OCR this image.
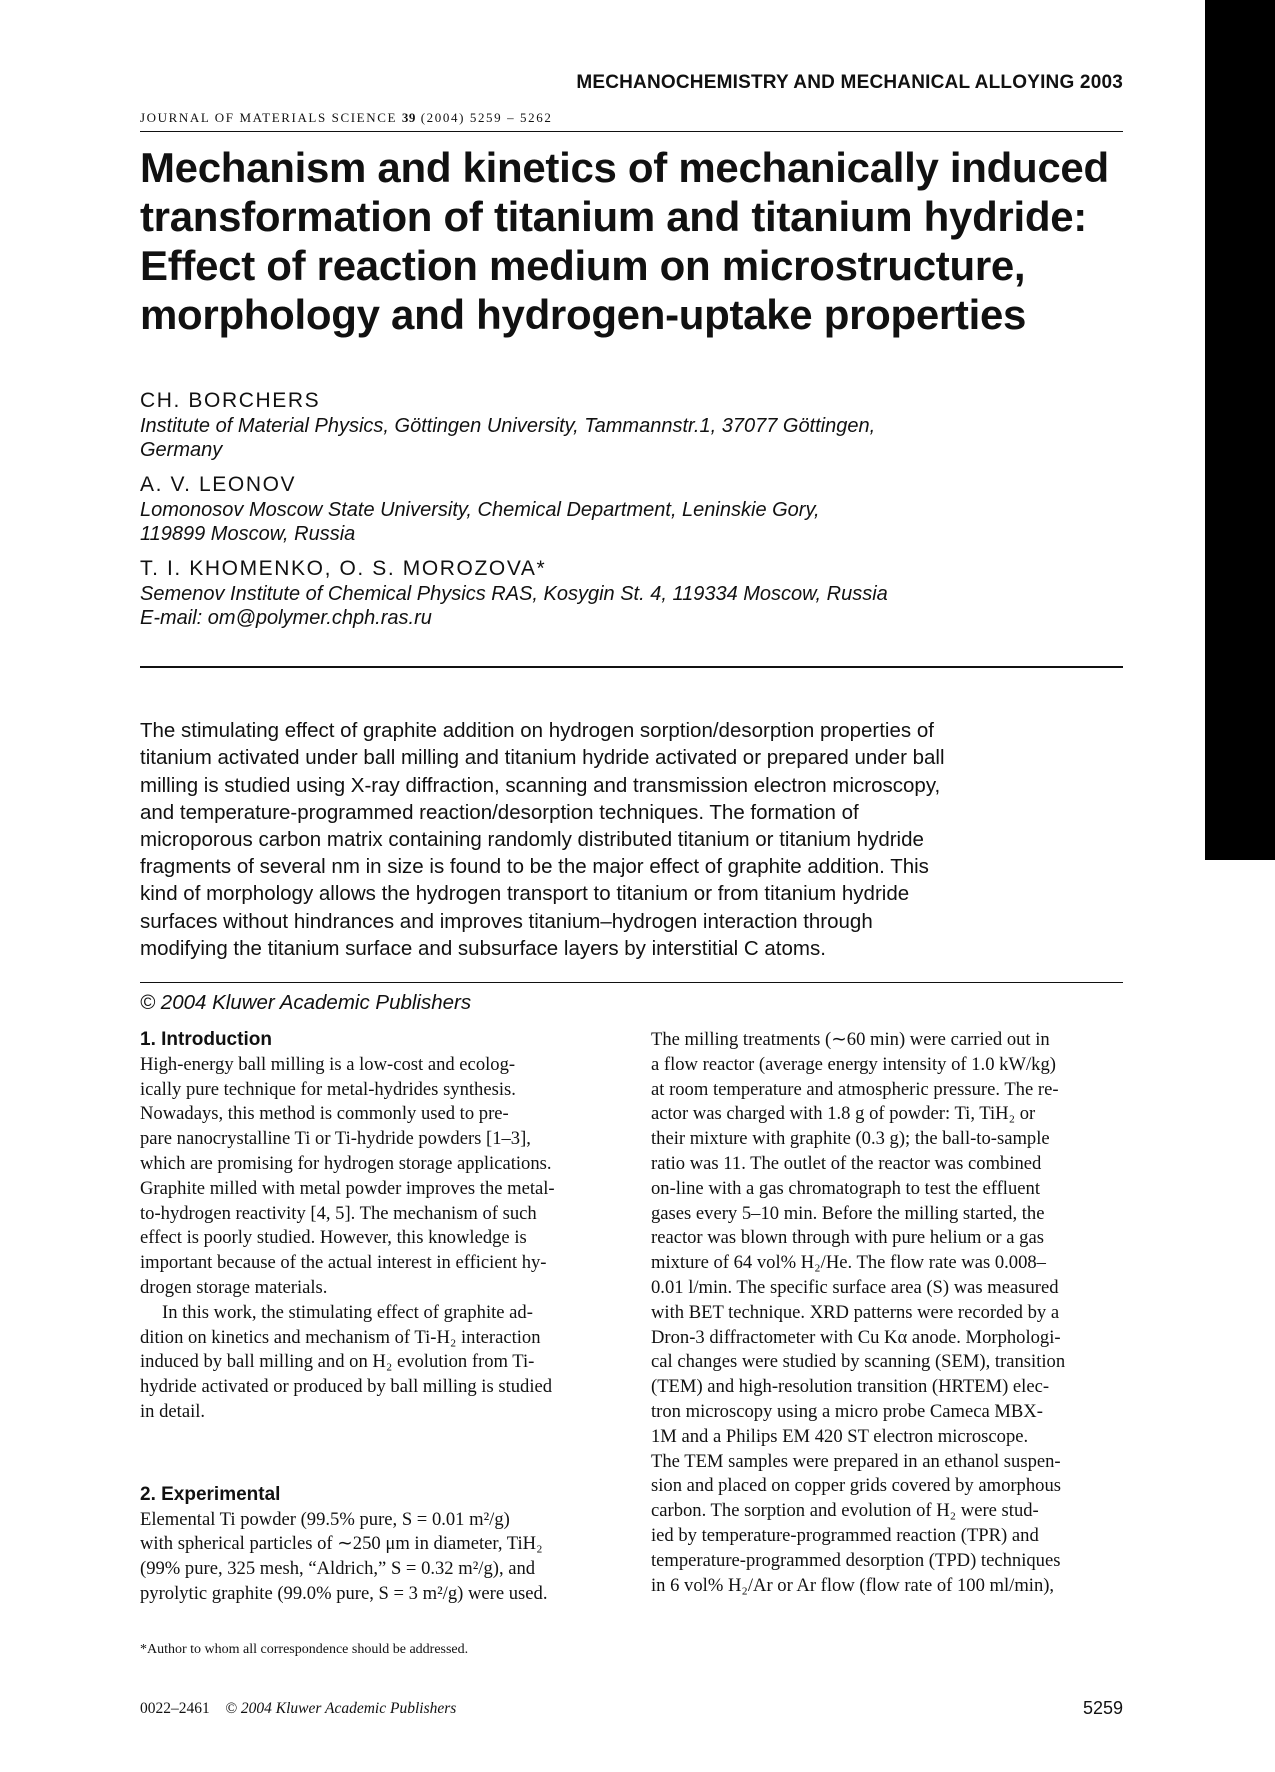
MECHANOCHEMISTRY AND MECHANICAL ALLOYING 2003
JOURNAL OF MATERIALS SCIENCE 39 (2004) 5259 – 5262
Mechanism and kinetics of mechanically induced transformation of titanium and titanium hydride: Effect of reaction medium on microstructure, morphology and hydrogen-uptake properties
CH. BORCHERS
Institute of Material Physics, Göttingen University, Tammannstr.1, 37077 Göttingen,
Germany
A. V. LEONOV
Lomonosov Moscow State University, Chemical Department, Leninskie Gory,
119899 Moscow, Russia
T. I. KHOMENKO, O. S. MOROZOVA*
Semenov Institute of Chemical Physics RAS, Kosygin St. 4, 119334 Moscow, Russia
E-mail: om@polymer.chph.ras.ru

The stimulating effect of graphite addition on hydrogen sorption/desorption properties of
titanium activated under ball milling and titanium hydride activated or prepared under ball
milling is studied using X-ray diffraction, scanning and transmission electron microscopy,
and temperature-programmed reaction/desorption techniques. The formation of
microporous carbon matrix containing randomly distributed titanium or titanium hydride
fragments of several nm in size is found to be the major effect of graphite addition. This
kind of morphology allows the hydrogen transport to titanium or from titanium hydride
surfaces without hindrances and improves titanium–hydrogen interaction through
modifying the titanium surface and subsurface layers by interstitial C atoms.

© 2004 Kluwer Academic Publishers

1. Introduction

High-energy ball milling is a low-cost and ecolog-
ically pure technique for metal-hydrides synthesis.
Nowadays, this method is commonly used to pre-
pare nanocrystalline Ti or Ti-hydride powders [1–3],
which are promising for hydrogen storage applications.
Graphite milled with metal powder improves the metal-
to-hydrogen reactivity [4, 5]. The mechanism of such
effect is poorly studied. However, this knowledge is
important because of the actual interest in efficient hy-
drogen storage materials.

In this work, the stimulating effect of graphite ad-
dition on kinetics and mechanism of Ti-H₂ interaction
induced by ball milling and on H₂ evolution from Ti-
hydride activated or produced by ball milling is studied
in detail.

2. Experimental

Elemental Ti powder (99.5% pure, S = 0.01 m²/g)
with spherical particles of ∼250 μm in diameter, TiH₂
(99% pure, 325 mesh, “Aldrich,” S = 0.32 m²/g), and
pyrolytic graphite (99.0% pure, S = 3 m²/g) were used.

The milling treatments (∼60 min) were carried out in
a flow reactor (average energy intensity of 1.0 kW/kg)
at room temperature and atmospheric pressure. The re-
actor was charged with 1.8 g of powder: Ti, TiH₂ or
their mixture with graphite (0.3 g); the ball-to-sample
ratio was 11. The outlet of the reactor was combined
on-line with a gas chromatograph to test the effluent
gases every 5–10 min. Before the milling started, the
reactor was blown through with pure helium or a gas
mixture of 64 vol% H₂/He. The flow rate was 0.008–
0.01 l/min. The specific surface area (S) was measured
with BET technique. XRD patterns were recorded by a
Dron-3 diffractometer with Cu Kα anode. Morphologi-
cal changes were studied by scanning (SEM), transition
(TEM) and high-resolution transition (HRTEM) elec-
tron microscopy using a micro probe Cameca MBX-
1M and a Philips EM 420 ST electron microscope.
The TEM samples were prepared in an ethanol suspen-
sion and placed on copper grids covered by amorphous
carbon. The sorption and evolution of H₂ were stud-
ied by temperature-programmed reaction (TPR) and
temperature-programmed desorption (TPD) techniques
in 6 vol% H₂/Ar or Ar flow (flow rate of 100 ml/min),

*Author to whom all correspondence should be addressed.
0022–2461 © 2004 Kluwer Academic Publishers	5259
